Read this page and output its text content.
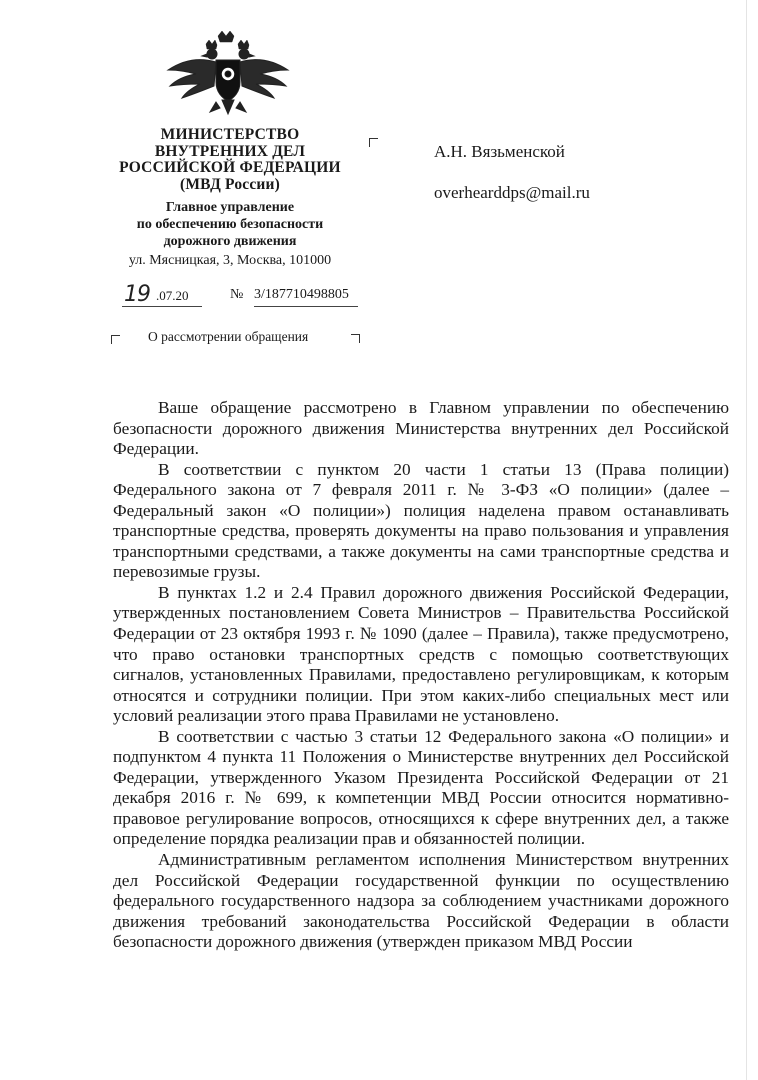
МИНИСТЕРСТВО
ВНУТРЕННИХ ДЕЛ
РОССИЙСКОЙ ФЕДЕРАЦИИ
(МВД России)
Главное управление
по обеспечению безопасности
дорожного движения
ул. Мясницкая, 3, Москва, 101000
19 .07.20	№ 3/187710498805
О рассмотрении обращения
А.Н. Вязьменской
overhearddps@mail.ru

Ваше обращение рассмотрено в Главном управлении по обеспечению безопасности дорожного движения Министерства внутренних дел Российской Федерации.

В соответствии с пунктом 20 части 1 статьи 13 (Права полиции) Федерального закона от 7 февраля 2011 г. № 3-ФЗ «О полиции» (далее – Федеральный закон «О полиции») полиция наделена правом останавливать транспортные средства, проверять документы на право пользования и управления транспортными средствами, а также документы на сами транспортные средства и перевозимые грузы.

В пунктах 1.2 и 2.4 Правил дорожного движения Российской Федерации, утвержденных постановлением Совета Министров – Правительства Российской Федерации от 23 октября 1993 г. № 1090 (далее – Правила), также предусмотрено, что право остановки транспортных средств с помощью соответствующих сигналов, установленных Правилами, предоставлено регулировщикам, к которым относятся и сотрудники полиции. При этом каких-либо специальных мест или условий реализации этого права Правилами не установлено.

В соответствии с частью 3 статьи 12 Федерального закона «О полиции» и подпунктом 4 пункта 11 Положения о Министерстве внутренних дел Российской Федерации, утвержденного Указом Президента Российской Федерации от 21 декабря 2016 г. № 699, к компетенции МВД России относится нормативно-правовое регулирование вопросов, относящихся к сфере внутренних дел, а также определение порядка реализации прав и обязанностей полиции.

Административным регламентом исполнения Министерством внутренних дел Российской Федерации государственной функции по осуществлению федерального государственного надзора за соблюдением участниками дорожного движения требований законодательства Российской Федерации в области безопасности дорожного движения (утвержден приказом МВД России
